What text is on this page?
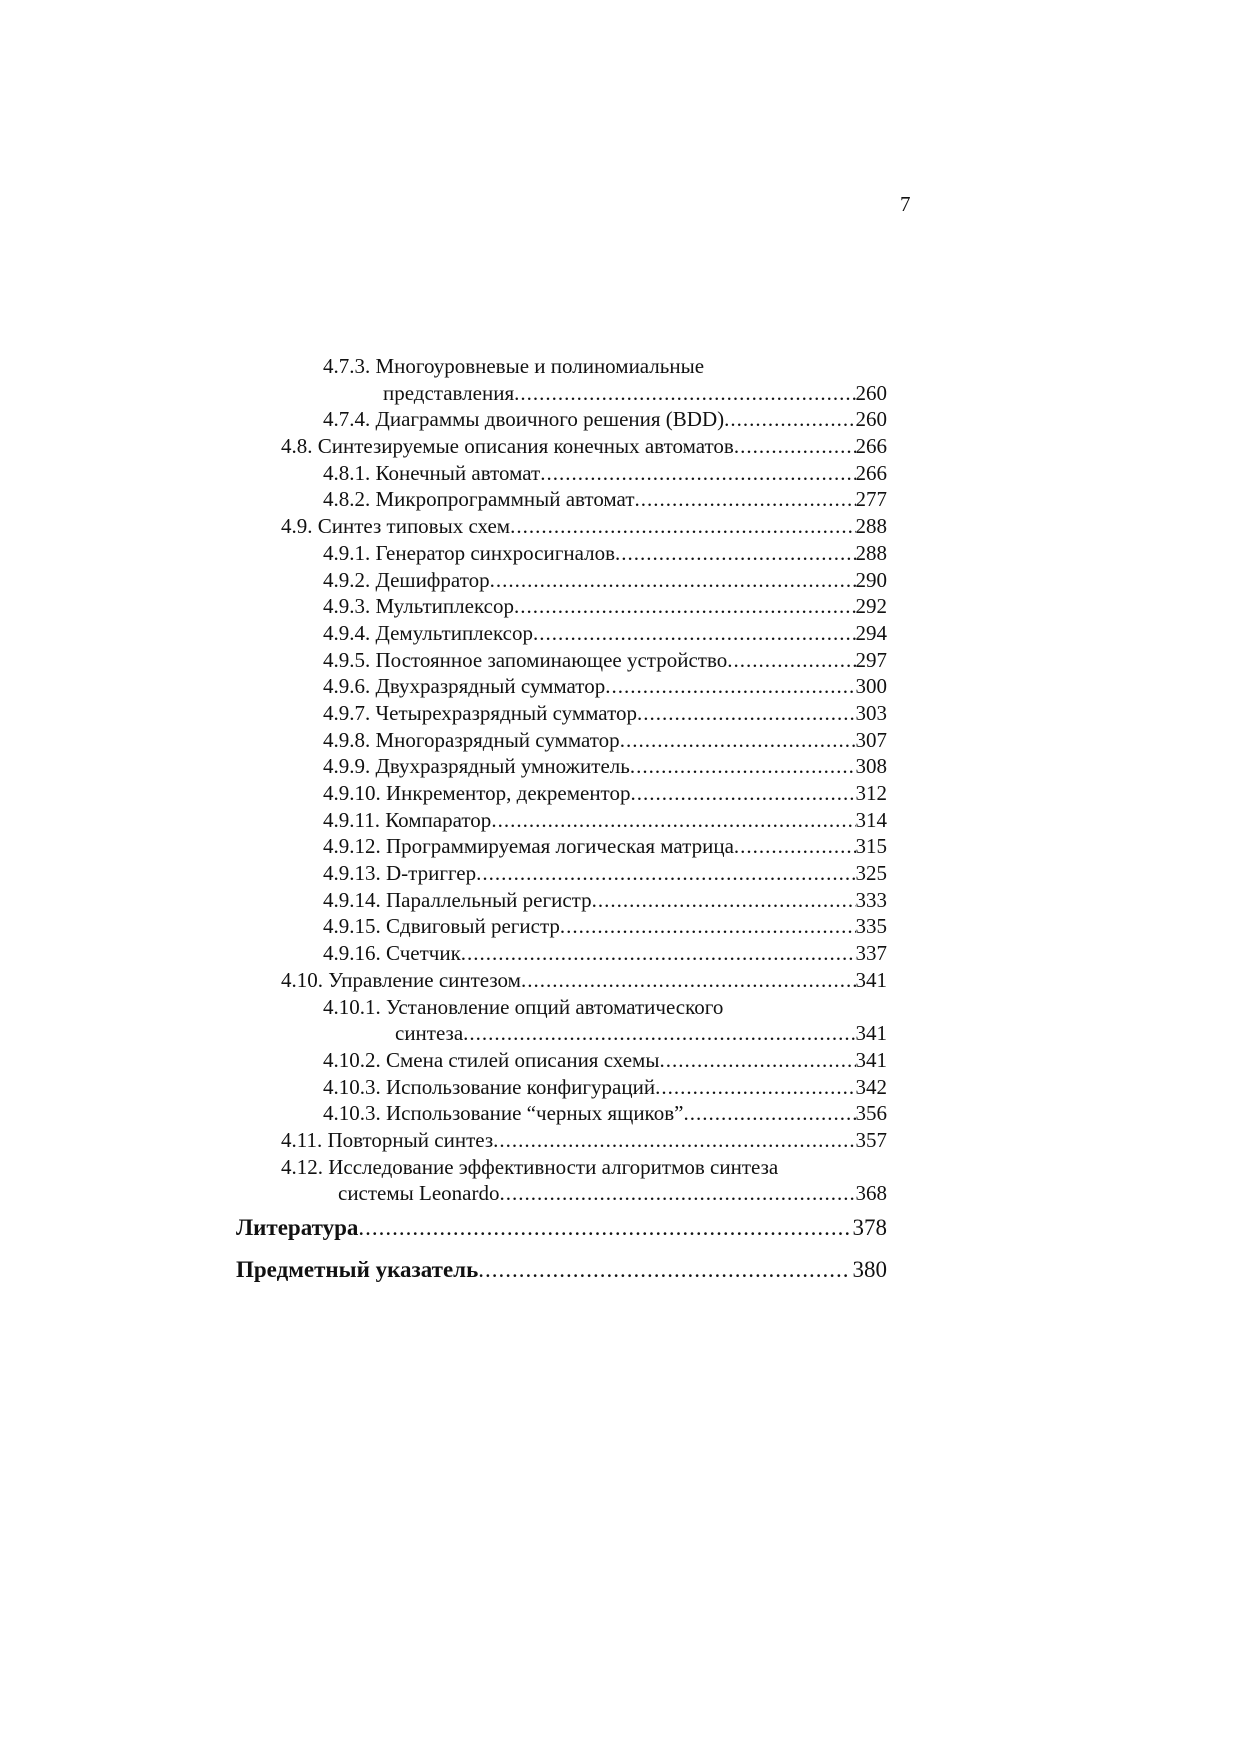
7
4.7.3. Многоуровневые и полиномиальные
представления .....	260
4.7.4. Диаграммы двоичного решения (BDD) .....	260
4.8. Синтезируемые описания конечных автоматов .....	266
4.8.1. Конечный автомат .....	266
4.8.2. Микропрограммный автомат .....	277
4.9. Синтез типовых схем .....	288
4.9.1. Генератор синхросигналов .....	288
4.9.2. Дешифратор .....	290
4.9.3. Мультиплексор .....	292
4.9.4. Демультиплексор .....	294
4.9.5. Постоянное запоминающее устройство .....	297
4.9.6. Двухразрядный сумматор .....	300
4.9.7. Четырехразрядный сумматор .....	303
4.9.8. Многоразрядный сумматор .....	307
4.9.9. Двухразрядный умножитель .....	308
4.9.10. Инкрементор, декрементор .....	312
4.9.11. Компаратор .....	314
4.9.12. Программируемая логическая матрица .....	315
4.9.13. D-триггер .....	325
4.9.14. Параллельный регистр .....	333
4.9.15. Сдвиговый регистр .....	335
4.9.16. Счетчик .....	337
4.10. Управление синтезом .....	341
4.10.1. Установление опций автоматического
синтеза .....	341
4.10.2. Смена стилей описания схемы .....	341
4.10.3. Использование конфигураций .....	342
4.10.3. Использование “черных ящиков” .....	356
4.11. Повторный синтез .....	357
4.12. Исследование эффективности алгоритмов синтеза
системы Leonardo .....	368
Литература .....	378
Предметный указатель .....	380
